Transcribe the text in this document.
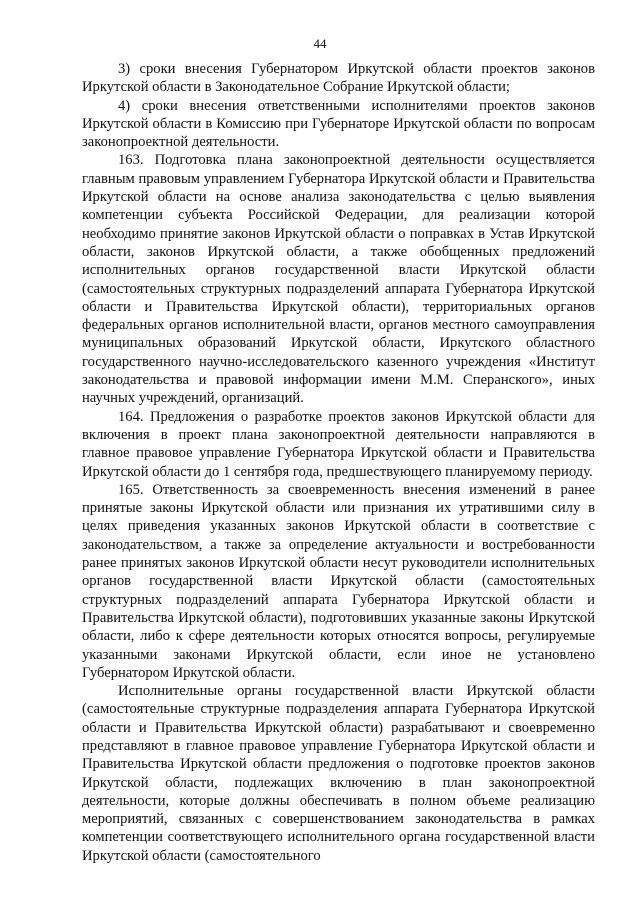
44

3) сроки внесения Губернатором Иркутской области проектов законов Иркутской области в Законодательное Собрание Иркутской области;

4) сроки внесения ответственными исполнителями проектов законов Иркутской области в Комиссию при Губернаторе Иркутской области по вопросам законопроектной деятельности.

163. Подготовка плана законопроектной деятельности осуществляется главным правовым управлением Губернатора Иркутской области и Правительства Иркутской области на основе анализа законодательства с целью выявления компетенции субъекта Российской Федерации, для реализации которой необходимо принятие законов Иркутской области о поправках в Устав Иркутской области, законов Иркутской области, а также обобщенных предложений исполнительных органов государственной власти Иркутской области (самостоятельных структурных подразделений аппарата Губернатора Иркутской области и Правительства Иркутской области), территориальных органов федеральных органов исполнительной власти, органов местного самоуправления муниципальных образований Иркутской области, Иркутского областного государственного научно-исследовательского казенного учреждения «Институт законодательства и правовой информации имени М.М. Сперанского», иных научных учреждений, организаций.

164. Предложения о разработке проектов законов Иркутской области для включения в проект плана законопроектной деятельности направляются в главное правовое управление Губернатора Иркутской области и Правительства Иркутской области до 1 сентября года, предшествующего планируемому периоду.

165. Ответственность за своевременность внесения изменений в ранее принятые законы Иркутской области или признания их утратившими силу в целях приведения указанных законов Иркутской области в соответствие с законодательством, а также за определение актуальности и востребованности ранее принятых законов Иркутской области несут руководители исполнительных органов государственной власти Иркутской области (самостоятельных структурных подразделений аппарата Губернатора Иркутской области и Правительства Иркутской области), подготовивших указанные законы Иркутской области, либо к сфере деятельности которых относятся вопросы, регулируемые указанными законами Иркутской области, если иное не установлено Губернатором Иркутской области.

Исполнительные органы государственной власти Иркутской области (самостоятельные структурные подразделения аппарата Губернатора Иркутской области и Правительства Иркутской области) разрабатывают и своевременно представляют в главное правовое управление Губернатора Иркутской области и Правительства Иркутской области предложения о подготовке проектов законов Иркутской области, подлежащих включению в план законопроектной деятельности, которые должны обеспечивать в полном объеме реализацию мероприятий, связанных с совершенствованием законодательства в рамках компетенции соответствующего исполнительного органа государственной власти Иркутской области (самостоятельного
